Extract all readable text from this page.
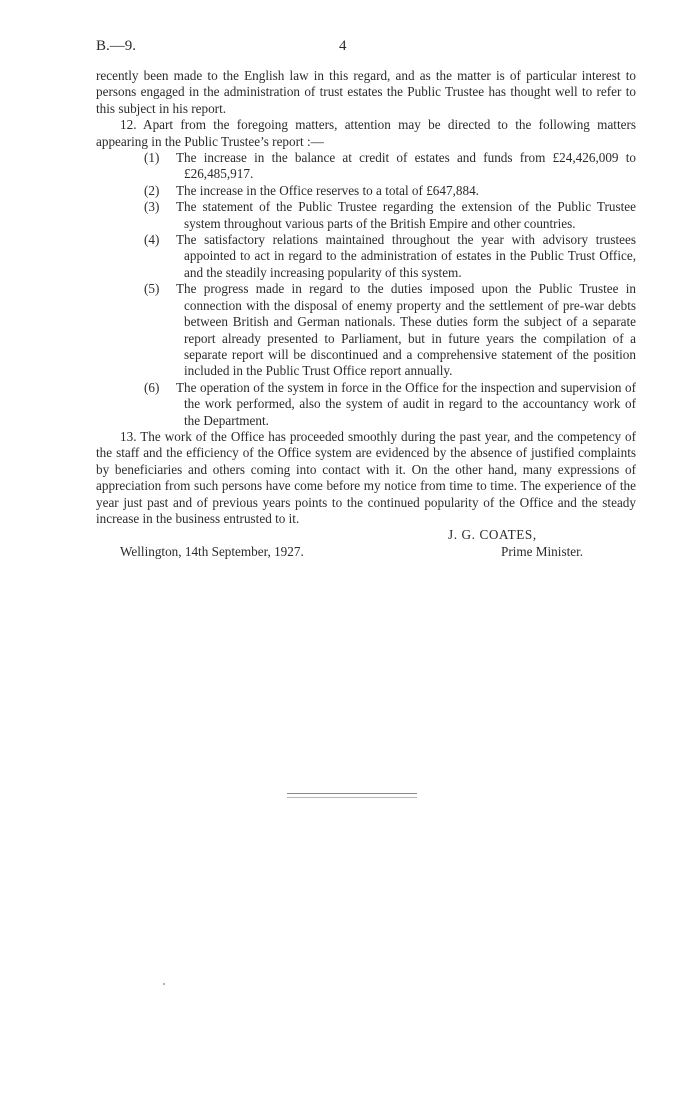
B.—9.	4

recently been made to the English law in this regard, and as the matter is of particular interest to persons engaged in the administration of trust estates the Public Trustee has thought well to refer to this subject in his report.

12. Apart from the foregoing matters, attention may be directed to the following matters appearing in the Public Trustee’s report :—

(1) The increase in the balance at credit of estates and funds from £24,426,009 to £26,485,917.
(2) The increase in the Office reserves to a total of £647,884.
(3) The statement of the Public Trustee regarding the extension of the Public Trustee system throughout various parts of the British Empire and other countries.
(4) The satisfactory relations maintained throughout the year with advisory trustees appointed to act in regard to the administration of estates in the Public Trust Office, and the steadily increasing popularity of this system.
(5) The progress made in regard to the duties imposed upon the Public Trustee in connection with the disposal of enemy property and the settlement of pre-war debts between British and German nationals. These duties form the subject of a separate report already presented to Parliament, but in future years the compilation of a separate report will be discontinued and a comprehensive statement of the position included in the Public Trust Office report annually.
(6) The operation of the system in force in the Office for the inspection and supervision of the work performed, also the system of audit in regard to the accountancy work of the Department.

13. The work of the Office has proceeded smoothly during the past year, and the competency of the staff and the efficiency of the Office system are evidenced by the absence of justified complaints by beneficiaries and others coming into contact with it. On the other hand, many expressions of appreciation from such persons have come before my notice from time to time. The experience of the year just past and of previous years points to the continued popularity of the Office and the steady increase in the business entrusted to it.

J. G. COATES,
Wellington, 14th September, 1927.	Prime Minister.
